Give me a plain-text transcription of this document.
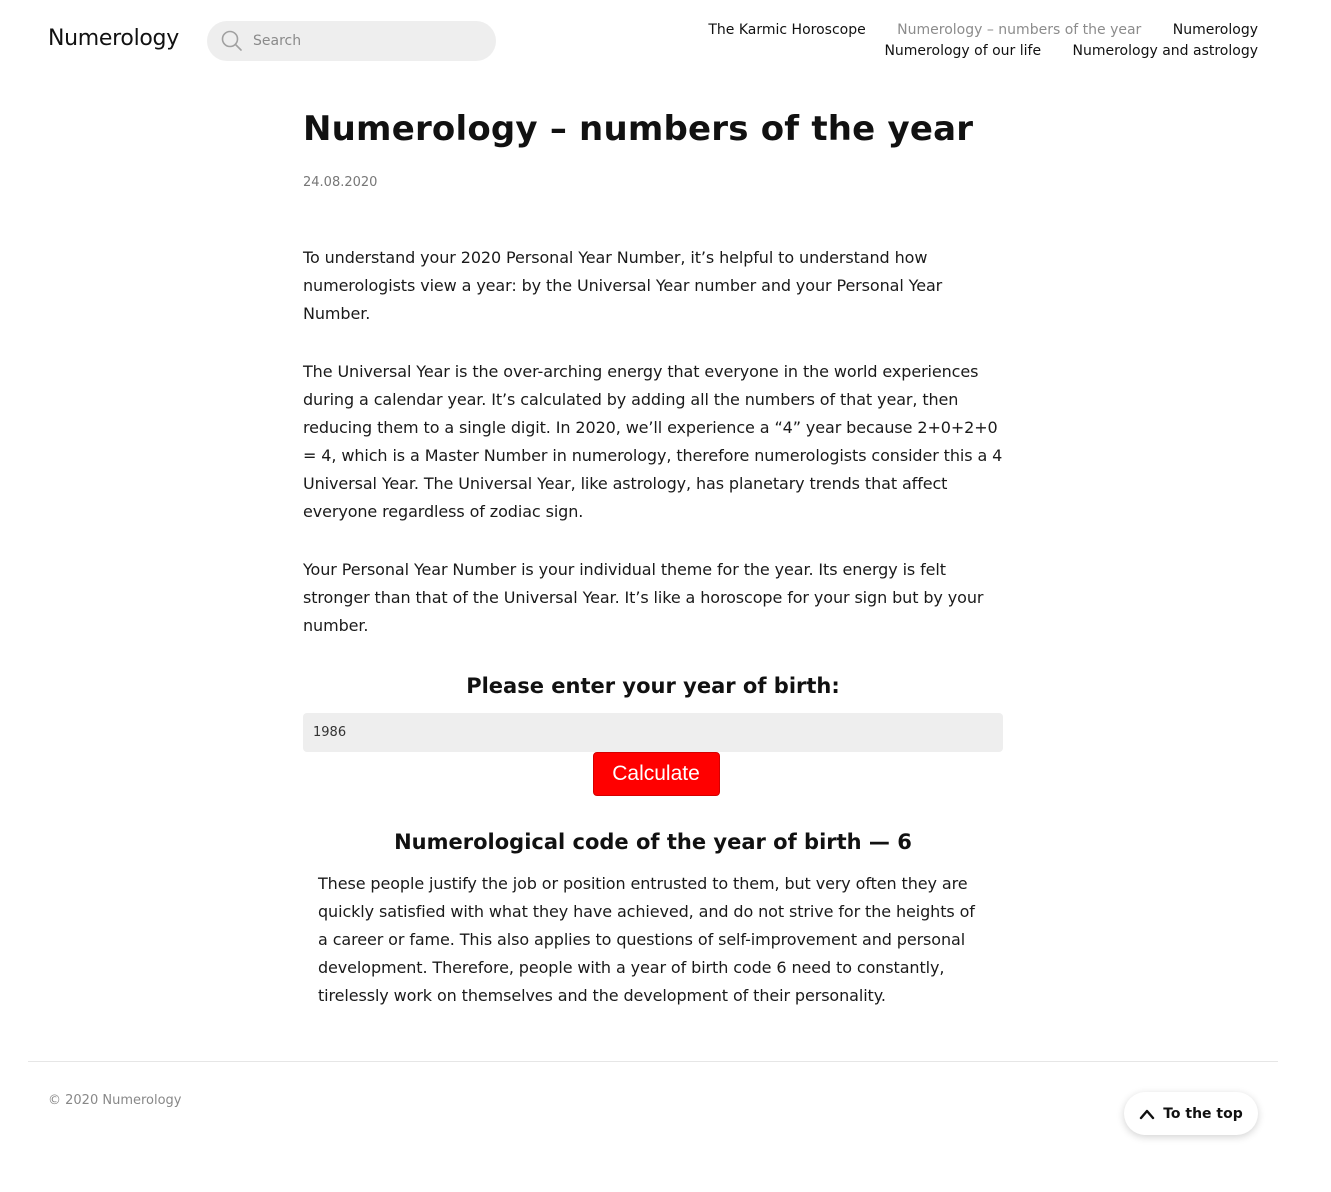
Numerology
Search	The Karmic Horoscope Numerology – numbers of the year Numerology
Numerology of our life Numerology and astrology
Numerology – numbers of the year
24.08.2020

To understand your 2020 Personal Year Number, it’s helpful to understand how numerologists view a year: by the Universal Year number and your Personal Year Number.

The Universal Year is the over-arching energy that everyone in the world experiences during a calendar year. It’s calculated by adding all the numbers of that year, then reducing them to a single digit. In 2020, we’ll experience a “4” year because 2+0+2+0 = 4, which is a Master Number in numerology, therefore numerologists consider this a 4 Universal Year. The Universal Year, like astrology, has planetary trends that affect everyone regardless of zodiac sign.

Your Personal Year Number is your individual theme for the year. Its energy is felt stronger than that of the Universal Year. It’s like a horoscope for your sign but by your number.

Please enter your year of birth:
1986
Calculate
Numerological code of the year of birth — 6
These people justify the job or position entrusted to them, but very often they are quickly satisfied with what they have achieved, and do not strive for the heights of a career or fame. This also applies to questions of self-improvement and personal development. Therefore, people with a year of birth code 6 need to constantly, tirelessly work on themselves and the development of their personality.
© 2020 Numerology
To the top
